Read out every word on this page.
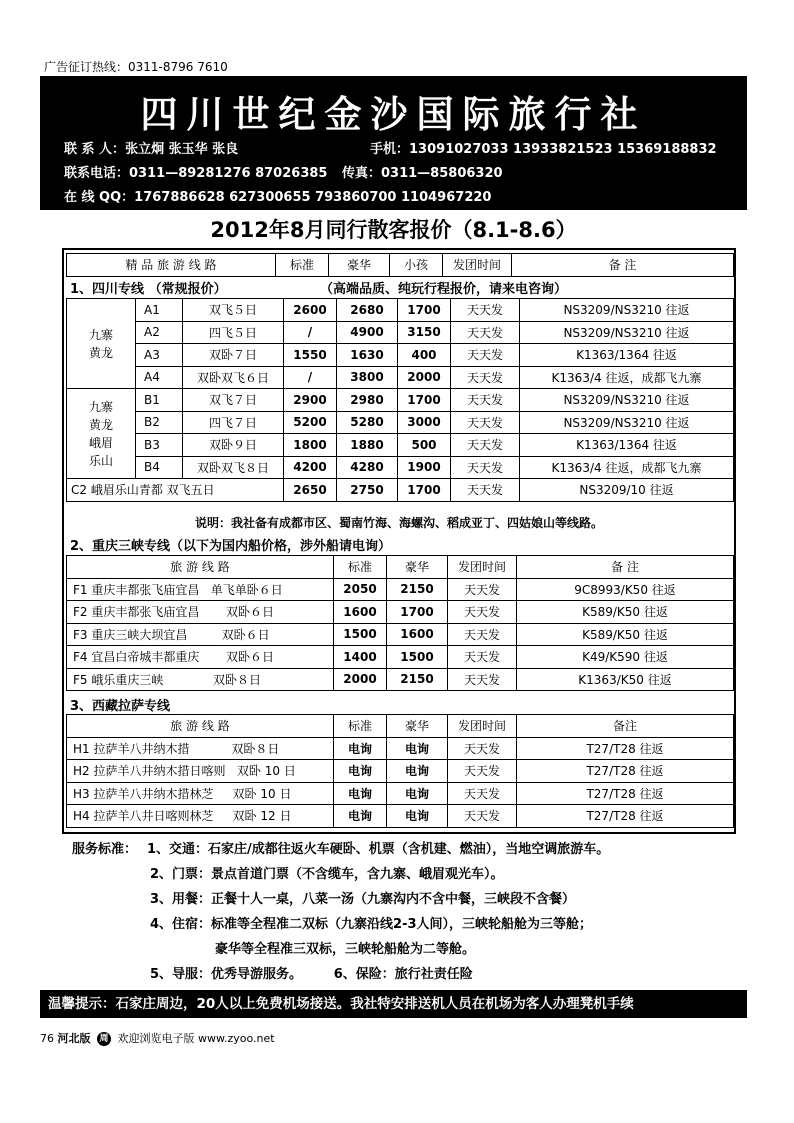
广告征订热线：0311-8796 7610
四川世纪金沙国际旅行社
联 系 人：张立炯 张玉华 张良	手机：13091027033 13933821523 15369188832
联系电话：0311—89281276 87026385 传真：0311—85806320
在 线 QQ：1767886628 627300655 793860700 1104967220
2012年8月同行散客报价（8.1-8.6）
精 品 旅 游 线 路	标准	豪华	小孩	发团时间	备 注
1、四川专线 （常规报价）	（高端品质、纯玩行程报价，请来电咨询）
九寨
黄龙	A1	双飞５日	2600	2680	1700	天天发	NS3209/NS3210 往返
	A2	四飞５日	/	4900	3150	天天发	NS3209/NS3210 往返
	A3	双卧７日	1550	1630	400	天天发	K1363/1364 往返
	A4	双卧双飞６日	/	3800	2000	天天发	K1363/4 往返，成都飞九寨
九寨
黄龙
峨眉
乐山	B1	双飞７日	2900	2980	1700	天天发	NS3209/NS3210 往返
	B2	四飞７日	5200	5280	3000	天天发	NS3209/NS3210 往返
	B3	双卧９日	1800	1880	500	天天发	K1363/1364 往返
	B4	双卧双飞８日	4200	4280	1900	天天发	K1363/4 往返，成都飞九寨
C2 峨眉乐山青都 双飞五日			2650	2750	1700	天天发	NS3209/10 往返
说明：我社备有成都市区、蜀南竹海、海螺沟、稻成亚丁、四姑娘山等线路。
2、重庆三峡专线（以下为国内船价格，涉外船请电询）
旅 游 线 路	标准	豪华	发团时间	备 注
F1 重庆丰都张飞庙宜昌   单飞单卧６日	2050	2150	天天发	9C8993/K50 往返
F2 重庆丰都张飞庙宜昌       双卧６日	1600	1700	天天发	K589/K50 往返
F3 重庆三峡大坝宜昌         双卧６日	1500	1600	天天发	K589/K50 往返
F4 宜昌白帝城丰都重庆       双卧６日	1400	1500	天天发	K49/K590 往返
F5 峨乐重庆三峡             双卧８日	2000	2150	天天发	K1363/K50 往返
3、西藏拉萨专线
旅 游 线 路	标准	豪华	发团时间	备注
H1 拉萨羊八井纳木措           双卧８日	电询	电询	天天发	T27/T28 往返
H2 拉萨羊八井纳木措日喀则   双卧 10 日	电询	电询	天天发	T27/T28 往返
H3 拉萨羊八井纳木措林芝     双卧 10 日	电询	电询	天天发	T27/T28 往返
H4 拉萨羊八井日喀则林芝     双卧 12 日	电询	电询	天天发	T27/T28 往返
服务标准： 1、交通：石家庄/成都往返火车硬卧、机票（含机建、燃油），当地空调旅游车。
2、门票：景点首道门票（不含缆车，含九寨、峨眉观光车）。
3、用餐：正餐十人一桌，八菜一汤（九寨沟内不含中餐，三峡段不含餐）
4、住宿：标准等全程准二双标（九寨沿线2-3人间），三峡轮船舱为三等舱；
豪华等全程准三双标，三峡轮船舱为二等舱。
5、导服：优秀导游服务。       6、保险：旅行社责任险
温馨提示：石家庄周边，20人以上免费机场接送。我社特安排送机人员在机场为客人办理凳机手续
76 河北版 周 欢迎浏览电子版 www.zyoo.net
